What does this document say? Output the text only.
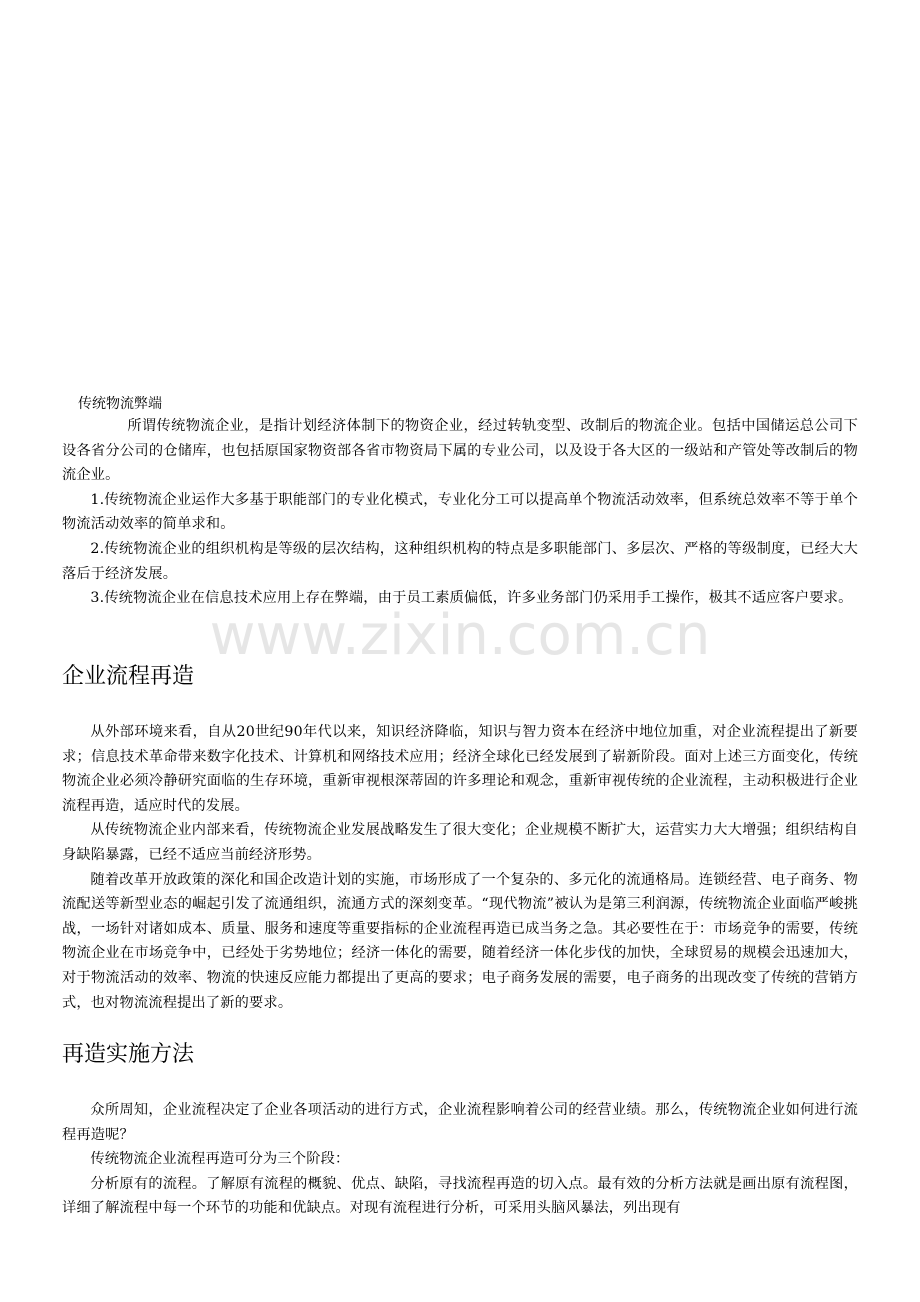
www.zixin.com.cn
传统物流弊端

所谓传统物流企业，是指计划经济体制下的物资企业，经过转轨变型、改制后的物流企业。包括中国储运总公司下设各省分公司的仓储库，也包括原国家物资部各省市物资局下属的专业公司，以及设于各大区的一级站和产管处等改制后的物流企业。

1.传统物流企业运作大多基于职能部门的专业化模式，专业化分工可以提高单个物流活动效率，但系统总效率不等于单个物流活动效率的简单求和。

2.传统物流企业的组织机构是等级的层次结构，这种组织机构的特点是多职能部门、多层次、严格的等级制度，已经大大落后于经济发展。

3.传统物流企业在信息技术应用上存在弊端，由于员工素质偏低，许多业务部门仍采用手工操作，极其不适应客户要求。

企业流程再造

从外部环境来看，自从20世纪90年代以来，知识经济降临，知识与智力资本在经济中地位加重，对企业流程提出了新要求；信息技术革命带来数字化技术、计算机和网络技术应用；经济全球化已经发展到了崭新阶段。面对上述三方面变化，传统物流企业必须冷静研究面临的生存环境，重新审视根深蒂固的许多理论和观念，重新审视传统的企业流程，主动积极进行企业流程再造，适应时代的发展。

从传统物流企业内部来看，传统物流企业发展战略发生了很大变化；企业规模不断扩大，运营实力大大增强；组织结构自身缺陷暴露，已经不适应当前经济形势。

随着改革开放政策的深化和国企改造计划的实施，市场形成了一个复杂的、多元化的流通格局。连锁经营、电子商务、物流配送等新型业态的崛起引发了流通组织，流通方式的深刻变革。“现代物流”被认为是第三利润源，传统物流企业面临严峻挑战，一场针对诸如成本、质量、服务和速度等重要指标的企业流程再造已成当务之急。其必要性在于：市场竞争的需要，传统物流企业在市场竞争中，已经处于劣势地位；经济一体化的需要，随着经济一体化步伐的加快，全球贸易的规模会迅速加大，对于物流活动的效率、物流的快速反应能力都提出了更高的要求；电子商务发展的需要，电子商务的出现改变了传统的营销方式，也对物流流程提出了新的要求。

再造实施方法

众所周知，企业流程决定了企业各项活动的进行方式，企业流程影响着公司的经营业绩。那么，传统物流企业如何进行流程再造呢？

传统物流企业流程再造可分为三个阶段：

分析原有的流程。了解原有流程的概貌、优点、缺陷，寻找流程再造的切入点。最有效的分析方法就是画出原有流程图，详细了解流程中每一个环节的功能和优缺点。对现有流程进行分析，可采用头脑风暴法，列出现有
